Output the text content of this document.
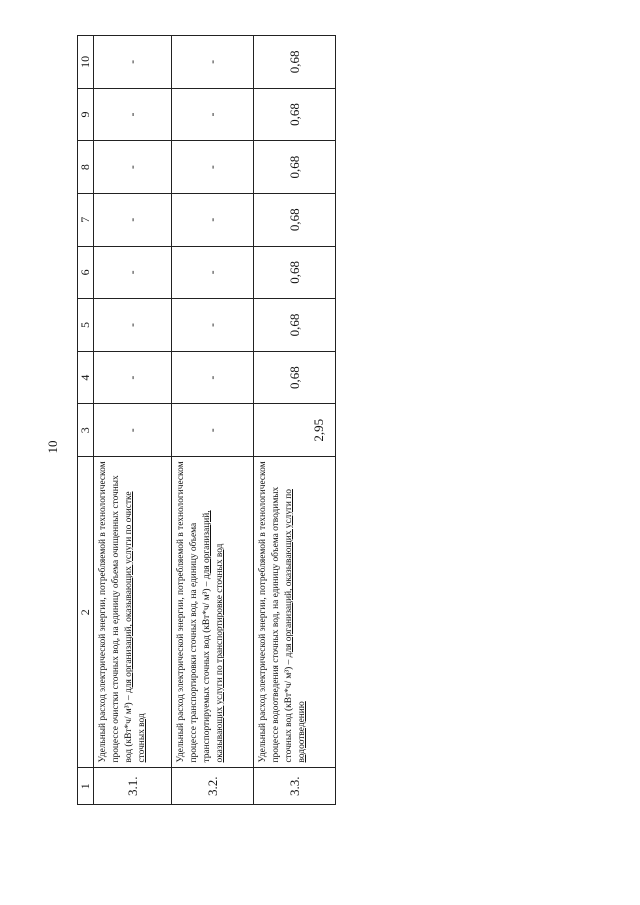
10
1	2	3	4	5	6	7	8	9	10
3.1.	Удельный расход электрической энергии, потребляемой в технологическом процессе очистки сточных вод, на единицу объема очищенных сточных вод (кВт*ч/ м³) – для организаций, оказывающих услуги по очистке сточных вод	-	-	-	-	-	-	-	-
3.2.	Удельный расход электрической энергии, потребляемой в технологическом процессе транспортировки сточных вод, на единицу объема транспортируемых сточных вод (кВт*ч/ м³) – для организаций, оказывающих услуги по транспортировке сточных вод	-	-	-	-	-	-	-	-
3.3.	Удельный расход электрической энергии, потребляемой в технологическом процессе водоотведения сточных вод, на единицу объема отводимых сточных вод (кВт*ч/ м³) – для организаций, оказывающих услуги по водоотведению	2,95	0,68	0,68	0,68	0,68	0,68	0,68	0,68
